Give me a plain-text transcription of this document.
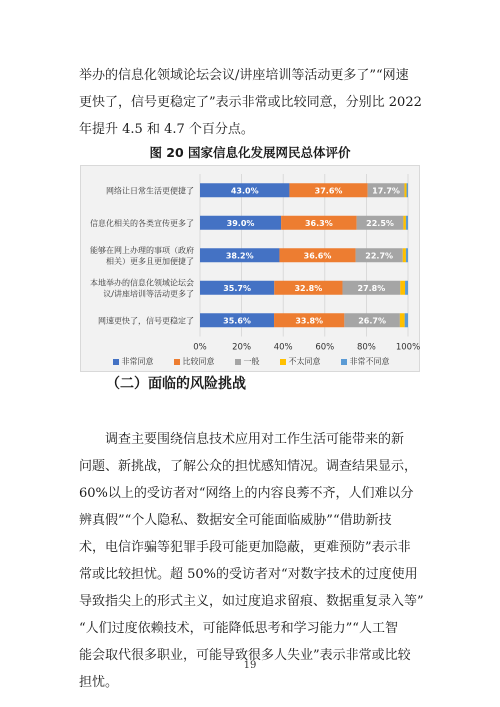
举办的信息化领域论坛会议/讲座培训等活动更多了”“网速
更快了，信号更稳定了”表示非常或比较同意，分别比 2022
年提升 4.5 和 4.7 个百分点。

图 20 国家信息化发展网民总体评价
0%	20%	40%	60%	80% 100%
网络让日常生活更便捷了	43.0%	37.6%	17.7%
信息化相关的各类宣传更多了	39.0%	36.3%	22.5%
能够在网上办理的事项（政府
相关）更多且更加便捷了
38.2%	36.6%	22.7%
本地举办的信息化领域论坛会
议/讲座培训等活动更多了
35.7%	32.8%	27.8%
网速更快了，信号更稳定了	35.6%	33.8%	26.7%
非常同意	比较同意	一般	不太同意	非常不同意
（二）面临的风险挑战

调查主要围绕信息技术应用对工作生活可能带来的新
问题、新挑战，了解公众的担忧感知情况。调查结果显示，
60%以上的受访者对“网络上的内容良莠不齐，人们难以分
辨真假”“个人隐私、数据安全可能面临威胁”“借助新技
术，电信诈骗等犯罪手段可能更加隐蔽，更难预防”表示非
常或比较担忧。超 50%的受访者对“对数字技术的过度使用
导致指尖上的形式主义，如过度追求留痕、数据重复录入等”
“人们过度依赖技术，可能降低思考和学习能力”“人工智
能会取代很多职业，可能导致很多人失业”表示非常或比较
担忧。

19
